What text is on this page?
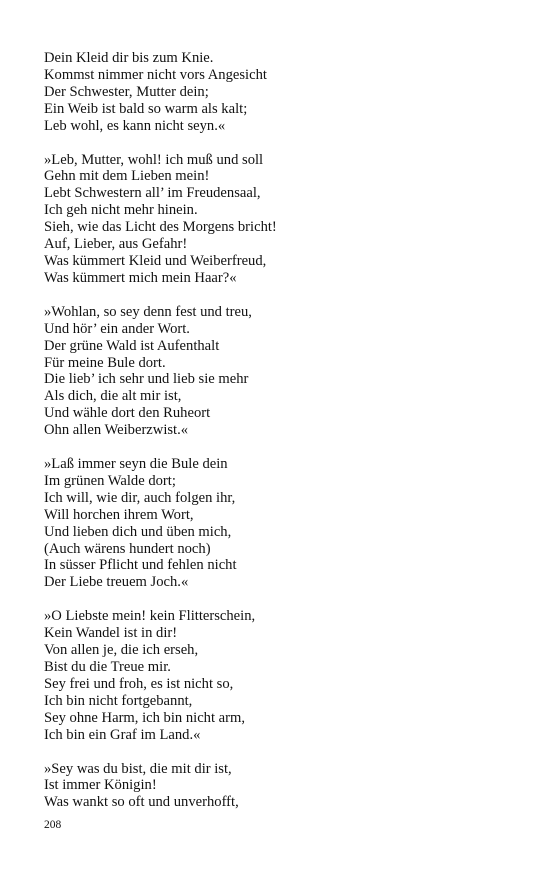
Dein Kleid dir bis zum Knie.
Kommst nimmer nicht vors Angesicht
Der Schwester, Mutter dein;
Ein Weib ist bald so warm als kalt;
Leb wohl, es kann nicht seyn.«
»Leb, Mutter, wohl! ich muß und soll
Gehn mit dem Lieben mein!
Lebt Schwestern all’ im Freudensaal,
Ich geh nicht mehr hinein.
Sieh, wie das Licht des Morgens bricht!
Auf, Lieber, aus Gefahr!
Was kümmert Kleid und Weiberfreud,
Was kümmert mich mein Haar?«
»Wohlan, so sey denn fest und treu,
Und hör’ ein ander Wort.
Der grüne Wald ist Aufenthalt
Für meine Bule dort.
Die lieb’ ich sehr und lieb sie mehr
Als dich, die alt mir ist,
Und wähle dort den Ruheort
Ohn allen Weiberzwist.«
»Laß immer seyn die Bule dein
Im grünen Walde dort;
Ich will, wie dir, auch folgen ihr,
Will horchen ihrem Wort,
Und lieben dich und üben mich,
(Auch wärens hundert noch)
In süsser Pflicht und fehlen nicht
Der Liebe treuem Joch.«
»O Liebste mein! kein Flitterschein,
Kein Wandel ist in dir!
Von allen je, die ich erseh,
Bist du die Treue mir.
Sey frei und froh, es ist nicht so,
Ich bin nicht fortgebannt,
Sey ohne Harm, ich bin nicht arm,
Ich bin ein Graf im Land.«
»Sey was du bist, die mit dir ist,
Ist immer Königin!
Was wankt so oft und unverhofft,
208
